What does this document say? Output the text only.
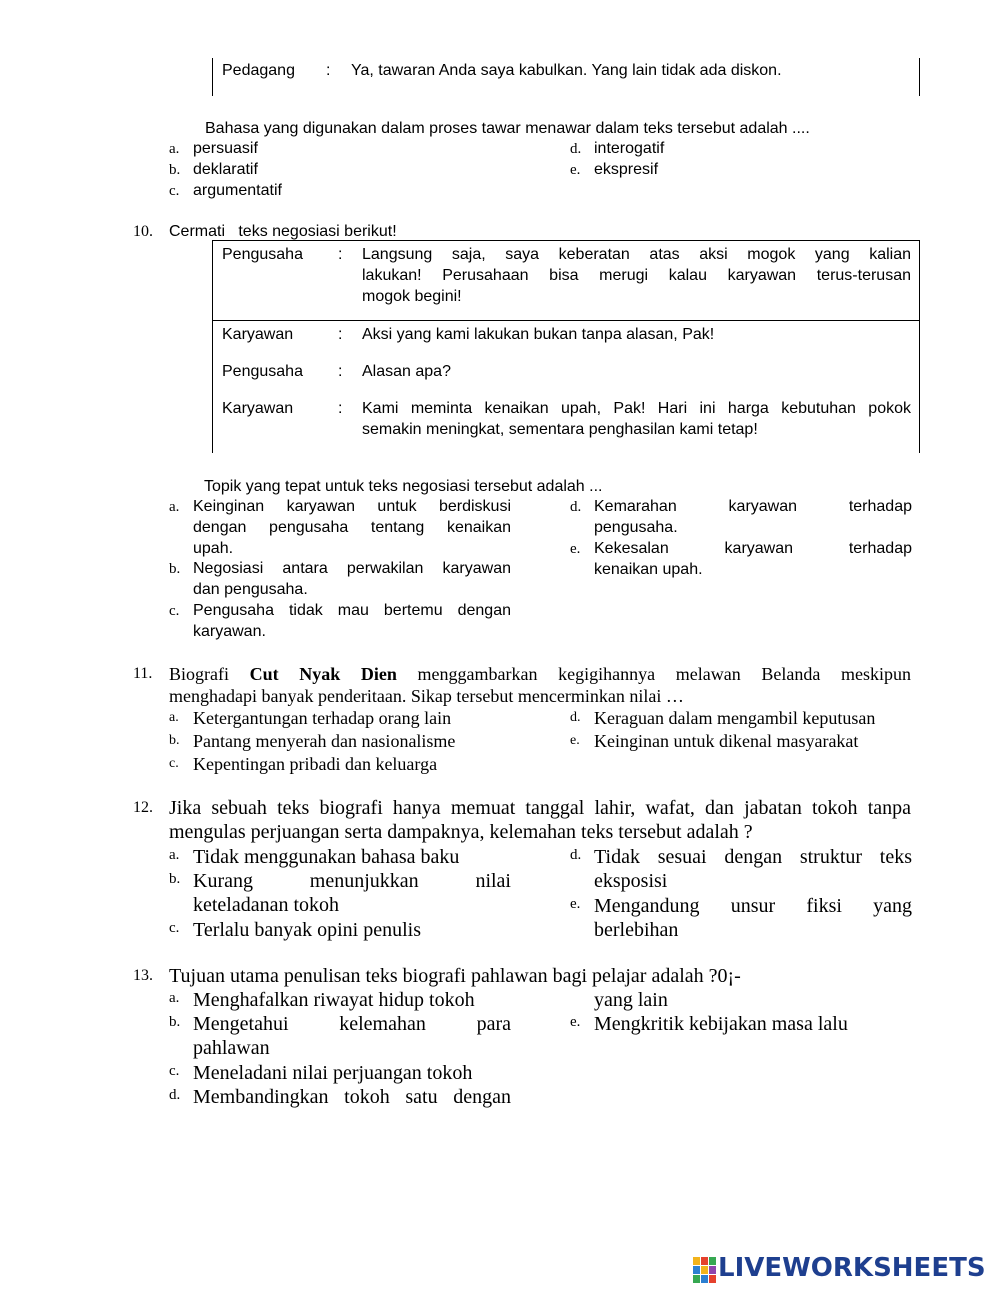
Pedagang : Ya, tawaran Anda saya kabulkan. Yang lain tidak ada diskon.
Bahasa yang digunakan dalam proses tawar menawar dalam teks tersebut adalah ....
a. persuasif
b. deklaratif
c. argumentatif
d. interogatif
e. ekspresif
10. Cermati   teks negosiasi berikut!
Pengusaha : Langsung saja, saya keberatan atas aksi mogok yang kalian
lakukan! Perusahaan bisa merugi kalau karyawan terus-terusan
mogok begini!
Karyawan	: Aksi yang kami lakukan bukan tanpa alasan, Pak!
Pengusaha : Alasan apa?
Karyawan	: Kami meminta kenaikan upah, Pak! Hari ini harga kebutuhan pokok
semakin meningkat, sementara penghasilan kami tetap!
Topik yang tepat untuk teks negosiasi tersebut adalah ...
a. Keinginan karyawan untuk berdiskusi
dengan pengusaha tentang kenaikan
upah.
b. Negosiasi antara perwakilan karyawan
dan pengusaha.
c. Pengusaha tidak mau bertemu dengan
karyawan.
d. Kemarahan karyawan terhadap
pengusaha.
e. Kekesalan karyawan terhadap
kenaikan upah.
11. Biografi Cut Nyak Dien menggambarkan kegigihannya melawan Belanda meskipun
menghadapi banyak penderitaan. Sikap tersebut mencerminkan nilai …
a. Ketergantungan terhadap orang lain
b. Pantang menyerah dan nasionalisme
c. Kepentingan pribadi dan keluarga
d. Keraguan dalam mengambil keputusan
e. Keinginan untuk dikenal masyarakat
12. Jika sebuah teks biografi hanya memuat tanggal lahir, wafat, dan jabatan tokoh tanpa
mengulas perjuangan serta dampaknya, kelemahan teks tersebut adalah ?
a. Tidak menggunakan bahasa baku
b. Kurang menunjukkan nilai
keteladanan tokoh
c. Terlalu banyak opini penulis
d. Tidak sesuai dengan struktur teks
eksposisi
e. Mengandung unsur fiksi yang
berlebihan
13. Tujuan utama penulisan teks biografi pahlawan bagi pelajar adalah ?0¡-
a. Menghafalkan riwayat hidup tokoh
b. Mengetahui kelemahan para
pahlawan
c. Meneladani nilai perjuangan tokoh
d. Membandingkan tokoh satu dengan
yang lain
e. Mengkritik kebijakan masa lalu
LIVEWORKSHEETS
